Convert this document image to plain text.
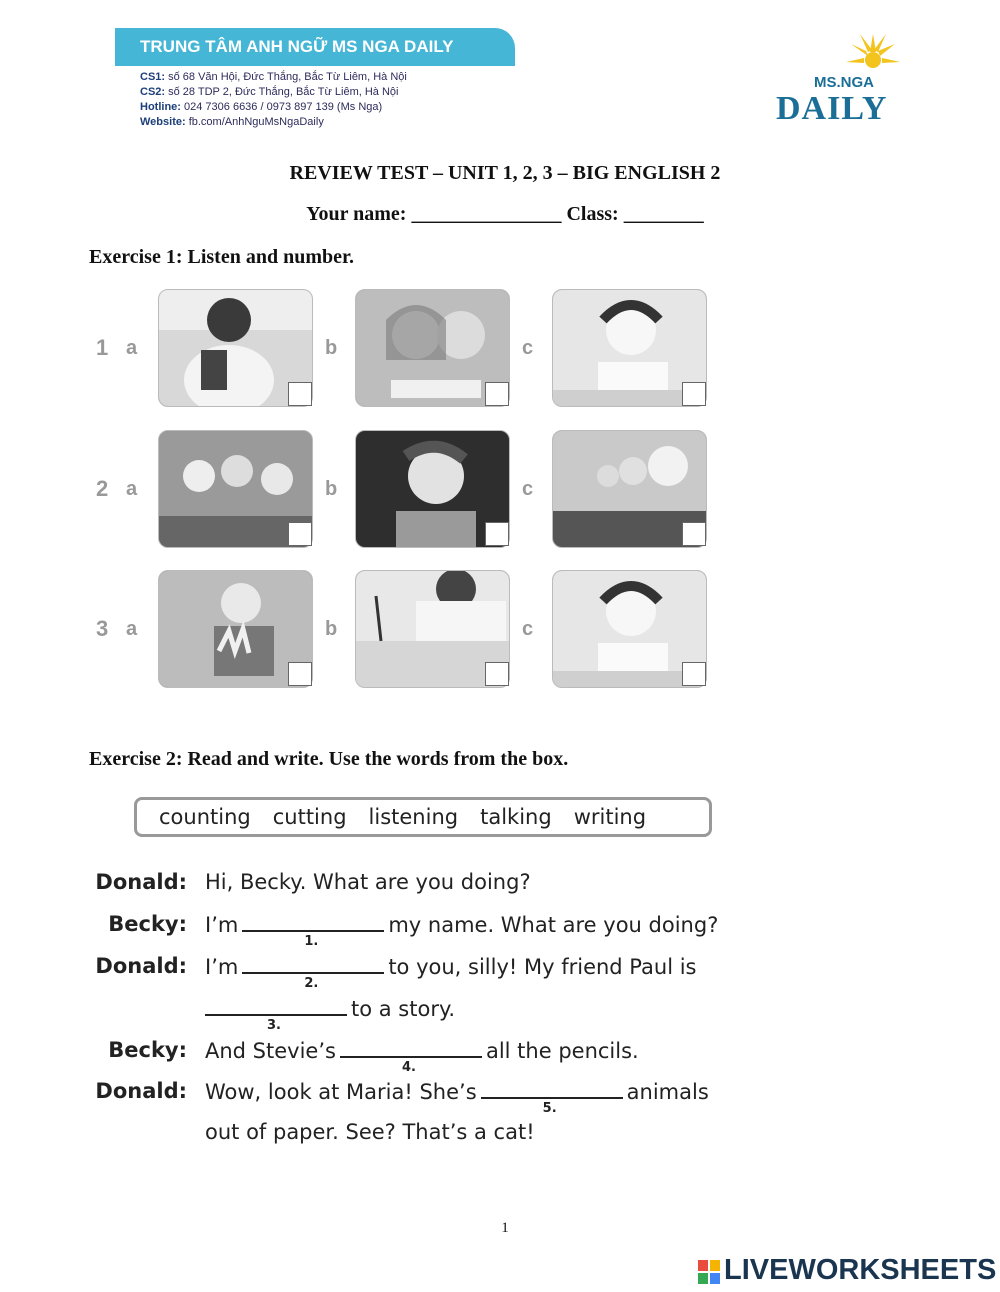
TRUNG TÂM ANH NGỮ MS NGA DAILY
CS1: số 68 Văn Hội, Đức Thắng, Bắc Từ Liêm, Hà Nội
CS2: số 28 TDP 2, Đức Thắng, Bắc Từ Liêm, Hà Nội
Hotline: 024 7306 6636 / 0973 897 139 (Ms Nga)
Website: fb.com/AnhNguMsNgaDaily
MS.NGA
DAILY
REVIEW TEST – UNIT 1, 2, 3 – BIG ENGLISH 2
Your name: _______________ Class: ________
Exercise 1: Listen and number.
1 a	b	c
2 a	b	c
3 a	b	c
Exercise 2: Read and write. Use the words from the box.
counting cutting listening talking writing
Donald: Hi, Becky. What are you doing?
Becky: I’m
1.
my name. What are you doing?
Donald: I’m
2.
to you, silly! My friend Paul is
3.
to a story.
Becky: And Stevie’s
4.
all the pencils.
Donald: Wow, look at Maria! She’s
5.
animals
out of paper. See? That’s a cat!
1
LIVEWORKSHEETS
